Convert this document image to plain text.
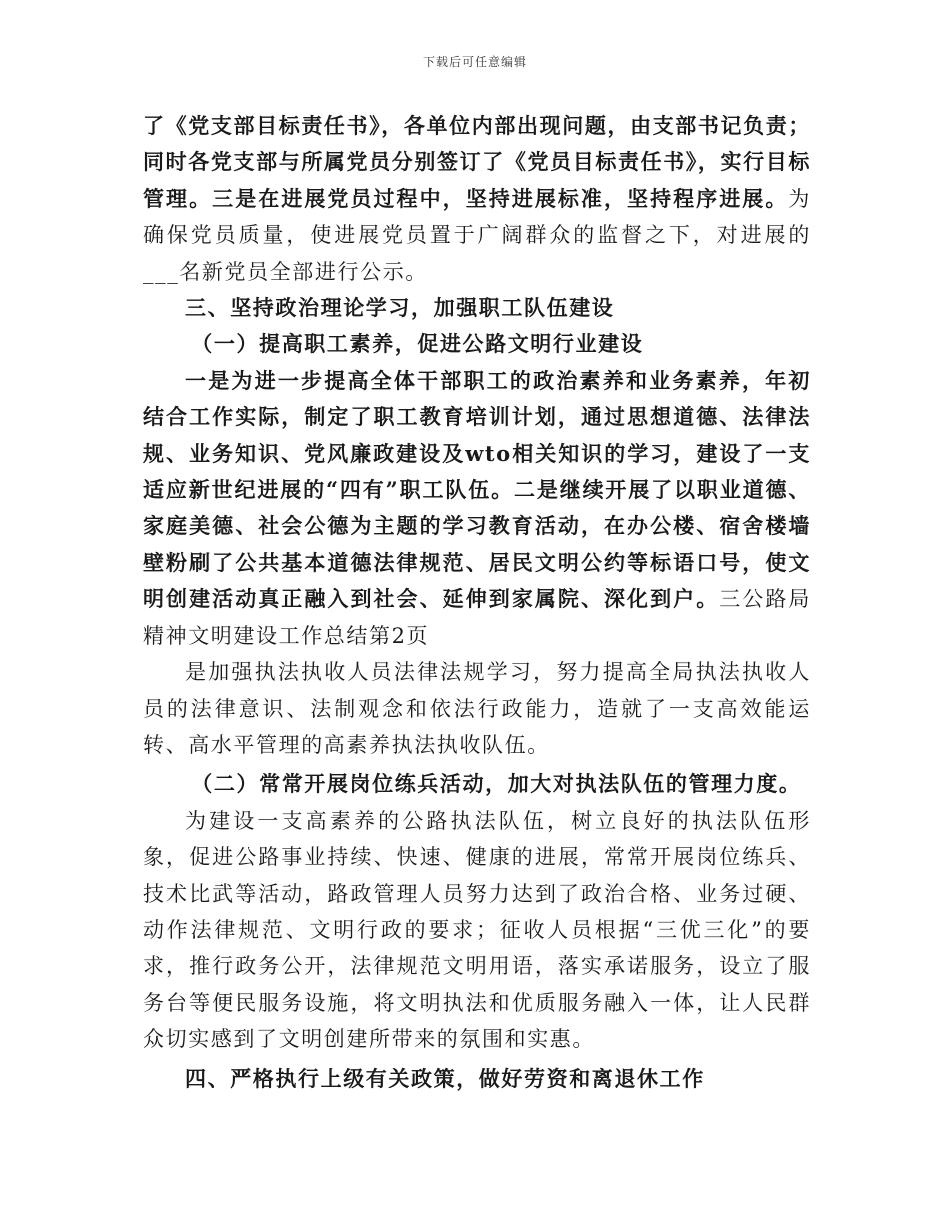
下载后可任意编辑

了《党支部目标责任书》，各单位内部出现问题，由支部书记负责；同时各党支部与所属党员分别签订了《党员目标责任书》，实行目标管理。三是在进展党员过程中，坚持进展标准，坚持程序进展。为确保党员质量，使进展党员置于广阔群众的监督之下，对进展的___名新党员全部进行公示。

三、坚持政治理论学习，加强职工队伍建设

（一）提高职工素养，促进公路文明行业建设

一是为进一步提高全体干部职工的政治素养和业务素养，年初结合工作实际，制定了职工教育培训计划，通过思想道德、法律法规、业务知识、党风廉政建设及wto相关知识的学习，建设了一支适应新世纪进展的“四有”职工队伍。二是继续开展了以职业道德、家庭美德、社会公德为主题的学习教育活动，在办公楼、宿舍楼墙壁粉刷了公共基本道德法律规范、居民文明公约等标语口号，使文明创建活动真正融入到社会、延伸到家属院、深化到户。三公路局精神文明建设工作总结第2页

是加强执法执收人员法律法规学习，努力提高全局执法执收人员的法律意识、法制观念和依法行政能力，造就了一支高效能运转、高水平管理的高素养执法执收队伍。

（二）常常开展岗位练兵活动，加大对执法队伍的管理力度。

为建设一支高素养的公路执法队伍，树立良好的执法队伍形象，促进公路事业持续、快速、健康的进展，常常开展岗位练兵、技术比武等活动，路政管理人员努力达到了政治合格、业务过硬、动作法律规范、文明行政的要求；征收人员根据“三优三化”的要求，推行政务公开，法律规范文明用语，落实承诺服务，设立了服务台等便民服务设施，将文明执法和优质服务融入一体，让人民群众切实感到了文明创建所带来的氛围和实惠。

四、严格执行上级有关政策，做好劳资和离退休工作
